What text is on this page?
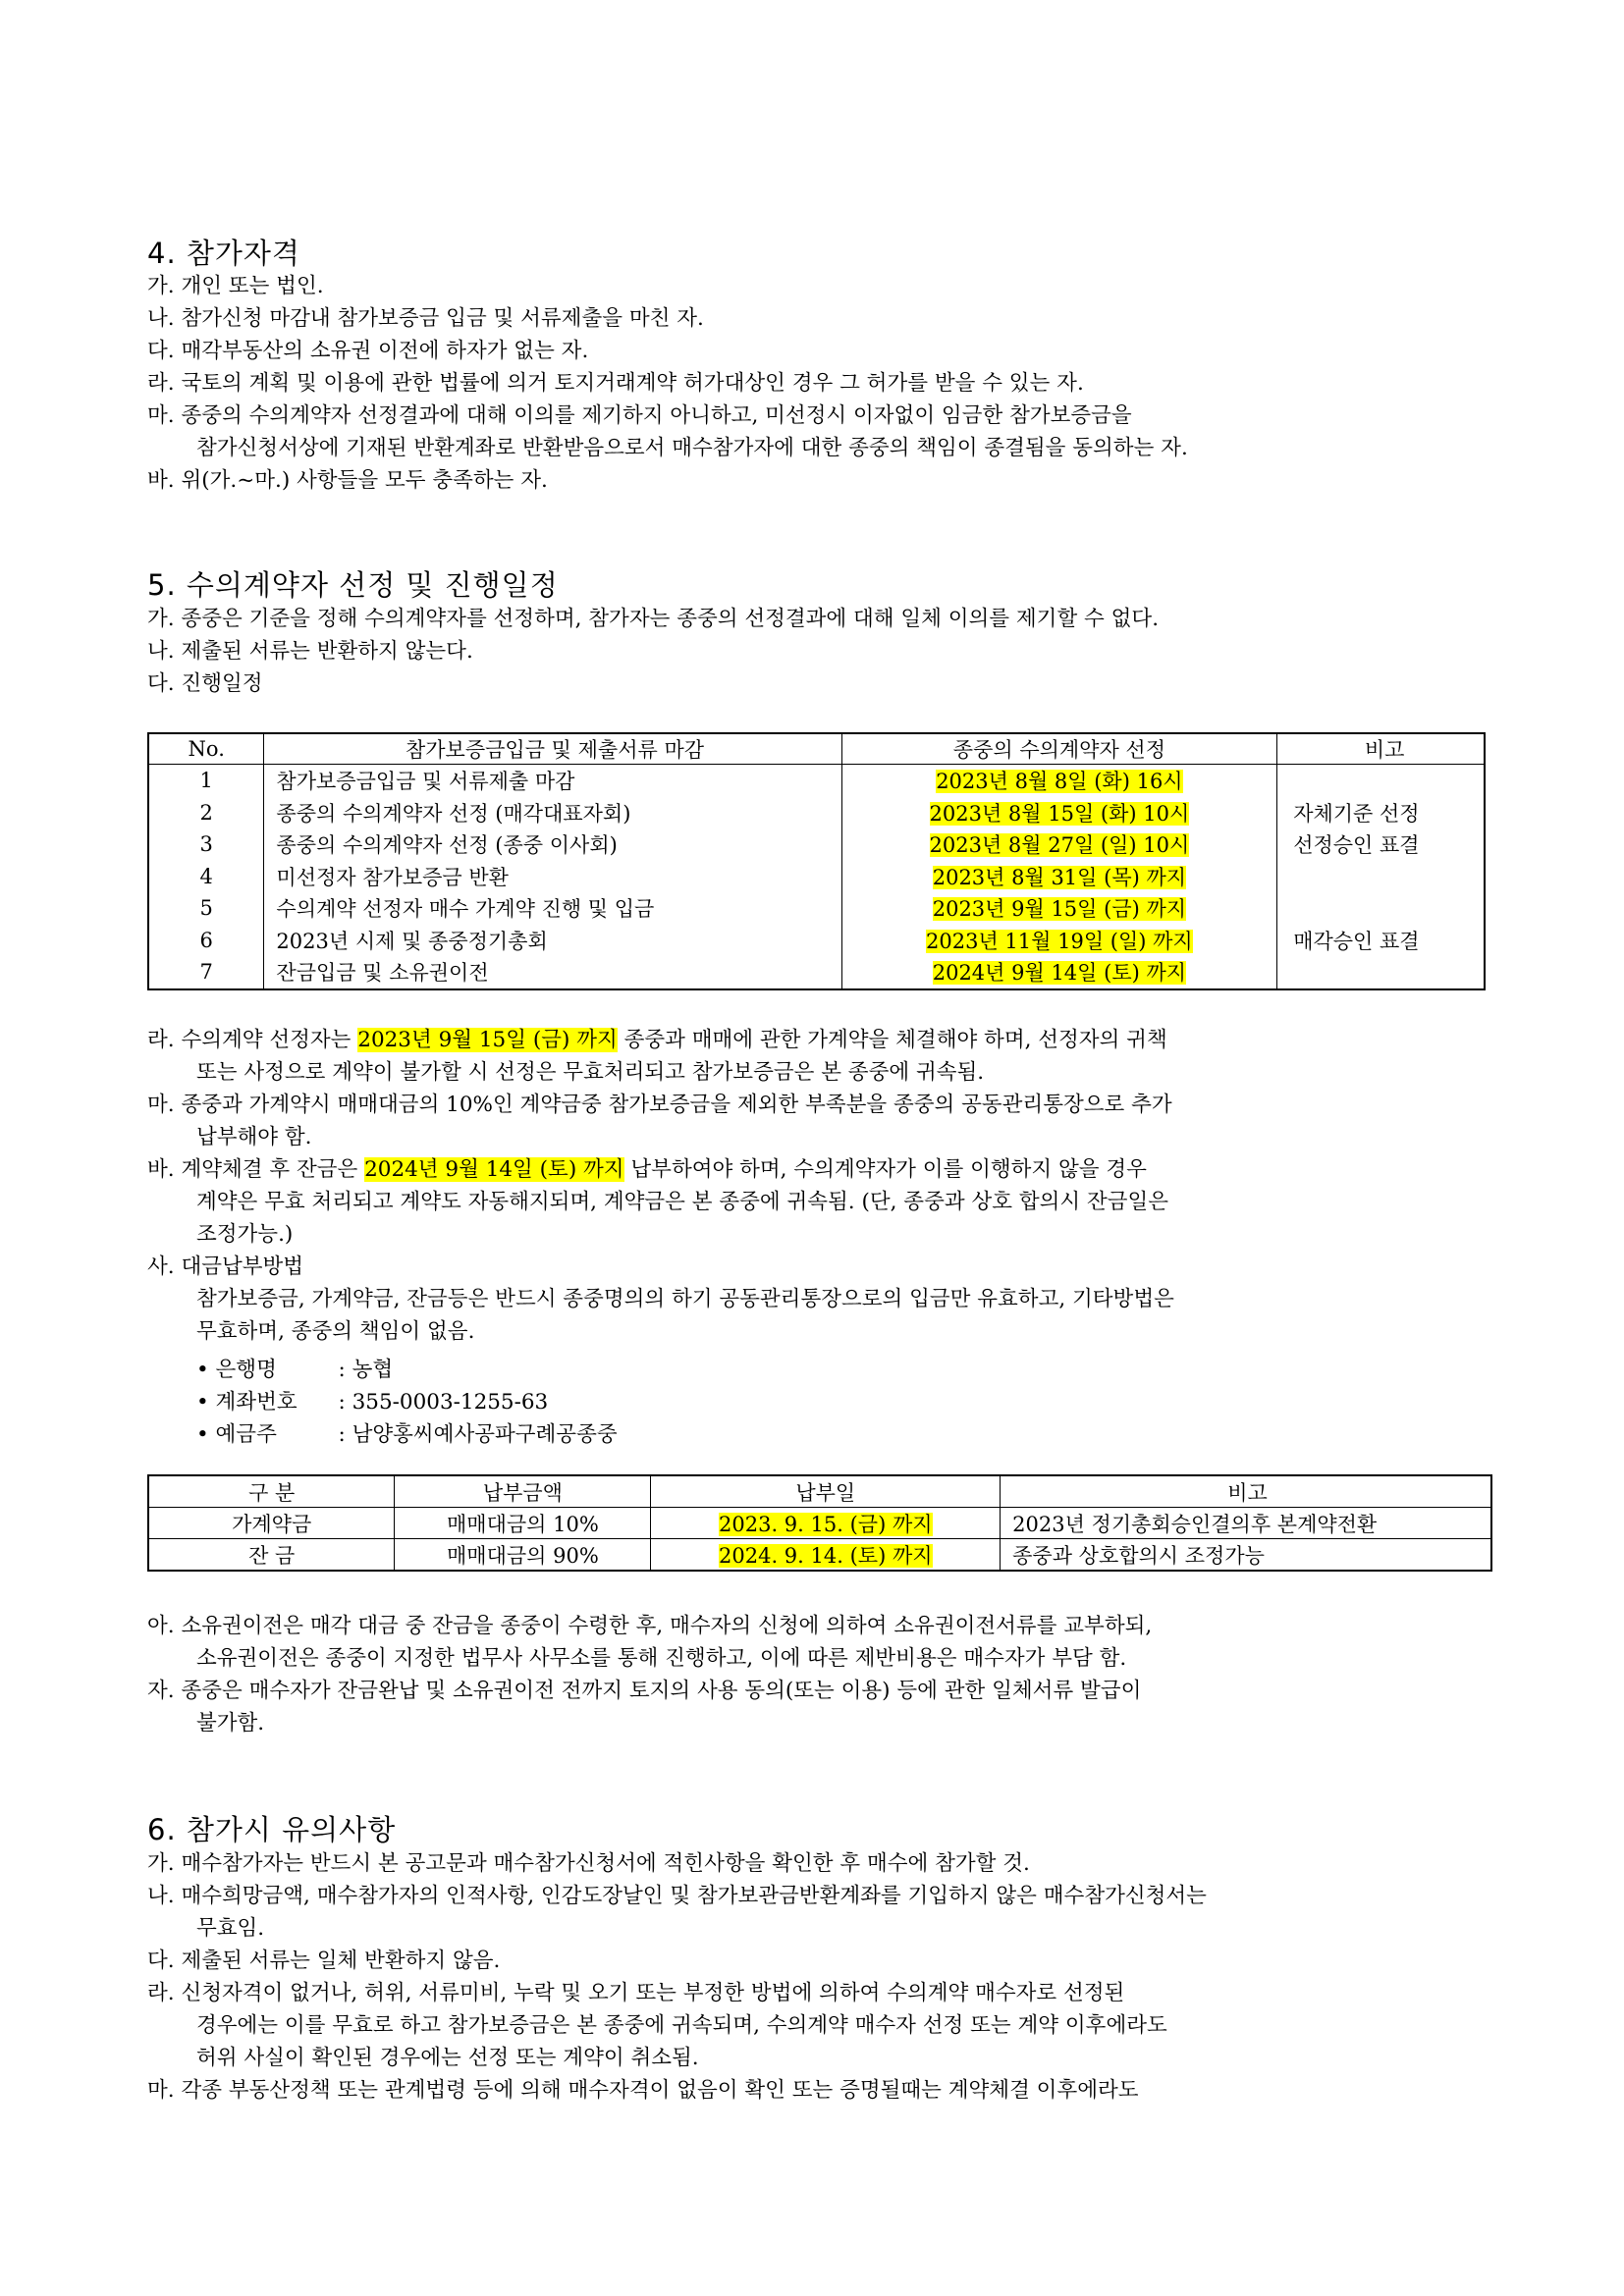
4. 참가자격
가. 개인 또는 법인.
나. 참가신청 마감내 참가보증금 입금 및 서류제출을 마친 자.
다. 매각부동산의 소유권 이전에 하자가 없는 자.
라. 국토의 계획 및 이용에 관한 법률에 의거 토지거래계약 허가대상인 경우 그 허가를 받을 수 있는 자.
마. 종중의 수의계약자 선정결과에 대해 이의를 제기하지 아니하고, 미선정시 이자없이 임금한 참가보증금을
참가신청서상에 기재된 반환계좌로 반환받음으로서 매수참가자에 대한 종중의 책임이 종결됨을 동의하는 자.
바. 위(가.~마.) 사항들을 모두 충족하는 자.
5. 수의계약자 선정 및 진행일정
가. 종중은 기준을 정해 수의계약자를 선정하며, 참가자는 종중의 선정결과에 대해 일체 이의를 제기할 수 없다.
나. 제출된 서류는 반환하지 않는다.
다. 진행일정
No.	참가보증금입금 및 제출서류 마감	종중의 수의계약자 선정	비고
1	참가보증금입금 및 서류제출 마감	2023년 8월 8일 (화) 16시	
2	종중의 수의계약자 선정 (매각대표자회)	2023년 8월 15일 (화) 10시	자체기준 선정
3	종중의 수의계약자 선정 (종중 이사회)	2023년 8월 27일 (일) 10시	선정승인 표결
4	미선정자 참가보증금 반환	2023년 8월 31일 (목) 까지	
5	수의계약 선정자 매수 가계약 진행 및 입금	2023년 9월 15일 (금) 까지	
6	2023년 시제 및 종중정기총회	2023년 11월 19일 (일) 까지	매각승인 표결
7	잔금입금 및 소유권이전	2024년 9월 14일 (토) 까지	
라. 수의계약 선정자는 2023년 9월 15일 (금) 까지 종중과 매매에 관한 가계약을 체결해야 하며, 선정자의 귀책
또는 사정으로 계약이 불가할 시 선정은 무효처리되고 참가보증금은 본 종중에 귀속됨.
마. 종중과 가계약시 매매대금의 10%인 계약금중 참가보증금을 제외한 부족분을 종중의 공동관리통장으로 추가
납부해야 함.
바. 계약체결 후 잔금은 2024년 9월 14일 (토) 까지 납부하여야 하며, 수의계약자가 이를 이행하지 않을 경우
계약은 무효 처리되고 계약도 자동해지되며, 계약금은 본 종중에 귀속됨. (단, 종중과 상호 합의시 잔금일은
조정가능.)
사. 대금납부방법
참가보증금, 가계약금, 잔금등은 반드시 종중명의의 하기 공동관리통장으로의 입금만 유효하고, 기타방법은
무효하며, 종중의 책임이 없음.
• 은행명	: 농협
• 계좌번호 : 355-0003-1255-63
• 예금주	: 남양홍씨예사공파구례공종중
구 분	납부금액	납부일	비고
가계약금	매매대금의 10%	2023. 9. 15. (금) 까지	2023년 정기총회승인결의후 본계약전환
잔 금	매매대금의 90%	2024. 9. 14. (토) 까지	종중과 상호합의시 조정가능
아. 소유권이전은 매각 대금 중 잔금을 종중이 수령한 후, 매수자의 신청에 의하여 소유권이전서류를 교부하되,
소유권이전은 종중이 지정한 법무사 사무소를 통해 진행하고, 이에 따른 제반비용은 매수자가 부담 함.
자. 종중은 매수자가 잔금완납 및 소유권이전 전까지 토지의 사용 동의(또는 이용) 등에 관한 일체서류 발급이
불가함.
6. 참가시 유의사항
가. 매수참가자는 반드시 본 공고문과 매수참가신청서에 적힌사항을 확인한 후 매수에 참가할 것.
나. 매수희망금액, 매수참가자의 인적사항, 인감도장날인 및 참가보관금반환계좌를 기입하지 않은 매수참가신청서는
무효임.
다. 제출된 서류는 일체 반환하지 않음.
라. 신청자격이 없거나, 허위, 서류미비, 누락 및 오기 또는 부정한 방법에 의하여 수의계약 매수자로 선정된
경우에는 이를 무효로 하고 참가보증금은 본 종중에 귀속되며, 수의계약 매수자 선정 또는 계약 이후에라도
허위 사실이 확인된 경우에는 선정 또는 계약이 취소됨.
마. 각종 부동산정책 또는 관계법령 등에 의해 매수자격이 없음이 확인 또는 증명될때는 계약체결 이후에라도
